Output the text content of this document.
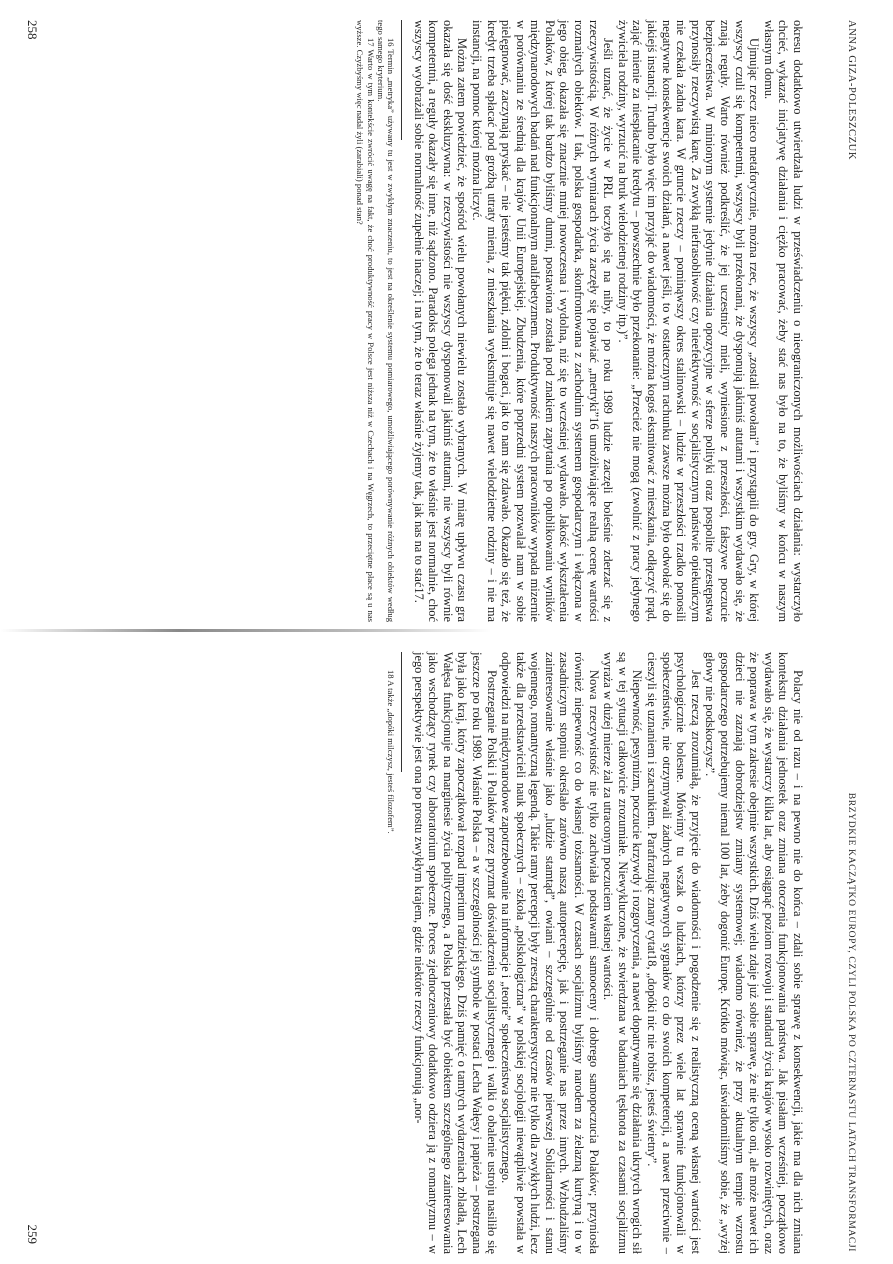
ANNA GIZA-POLESZCZUK

okresu dodatkowo utwierdzała ludzi w przeświadczeniu o nieograniczonych możliwościach działania: wystarczyło chcieć, wykazać inicjatywę działania i ciężko pracować, żeby stać nas było na to, że byliśmy w końcu w naszym własnym domu.

Ujmując rzecz nieco metaforycznie, można rzec, że wszyscy „zostali powołani” i przystąpili do gry. Gry, w której wszyscy czuli się kompetentni, wszyscy byli przekonani, że dysponują jakimiś atutami i wszystkim wydawało się, że znają reguły. Warto również podkreślić, że jej uczestnicy mieli, wyniesione z przeszłości, fałszywe poczucie bezpieczeństwa. W minionym systemie jedynie działania opozycyjne w sferze polityki oraz pospolite przestępstwa przynosiły rzeczywistą karę. Za zwykłą niefrasobliwość czy nieefektywność w socjalistycznym państwie opiekuńczym nie czekała żadna kara. W gruncie rzeczy – pominąwszy okres stalinowski – ludzie w przeszłości rzadko ponosili negatywne konsekwencje swoich działań, a nawet jeśli, to w ostatecznym rachunku zawsze można było odwołać się do jakiejś instancji. Trudno było więc im przyjąć do wiadomości, że można kogoś eksmitować z mieszkania, odłączyć prąd, zająć mienie za niespłacanie kredytu – powszechnie było przekonanie: „Przecież nie mogą (zwolnić z pracy jedynego żywiciela rodziny, wyrzucić na bruk wielodzietnej rodziny itp.)”.

Jeśli uznać, że życie w PRL toczyło się na niby, to po roku 1989 ludzie zaczęli boleśnie zderzać się z rzeczywistością. W różnych wymiarach życia zaczęły się pojawiać „metryki”16 umożliwiające realną ocenę wartości rozmaitych obiektów. I tak, polska gospodarka, skonfrontowana z zachodnim systemem gospodarczym i włączona w jego obieg, okazała się znacznie mniej nowoczesna i wydolna, niż się to wcześniej wydawało. Jakość wykształcenia Polaków, z której tak bardzo byliśmy dumni, postawiona została pod znakiem zapytania po opublikowaniu wyników międzynarodowych badań nad funkcjonalnym analfabetyzmem. Produktywność naszych pracowników wypada mizernie w porównaniu ze średnią dla krajów Unii Europejskiej. Zbudzenia, które poprzedni system pozwalał nam w sobie pielęgnować, zaczynają pryskać – nie jesteśmy tak piękni, zdolni i bogaci, jak to nam się zdawało. Okazało się też, że kredyt trzeba spłacać pod groźbą utraty mienia, z mieszkania wyeksmituje się nawet wielodzietne rodziny – i nie ma instancji, na pomoc której można liczyć.

Można zatem powiedzieć, że spośród wielu powołanych niewielu zostało wybranych. W miarę upływu czasu gra okazała się dość ekskluzywna: w rzeczywistości nie wszyscy dysponowali jakimiś atutami, nie wszyscy byli równie kompetentni, a reguły okazały się inne, niż sądzono. Paradoks polega jednak na tym, że to właśnie jest normalnie, choć wszyscy wyobrażali sobie normalność zupełnie inaczej; i na tym, że to teraz właśnie żyjemy tak, jak nas na to stać17.

16 Termin „metryka” używany tu jest w zwykłym znaczeniu, to jest na określenie systemu pomiarowego, umożliwiającego porównywanie różnych obiektów według tego samego kryterium.

17 Warto w tym kontekście zwrócić uwagę na fakt, że choć produktywność pracy w Polsce jest niższa niż w Czechach i na Węgrzech, to przeciętne płace są u nas wyższe. Czyżbyśmy więc nadal żyli (zarabiali) ponad stan?

258
BRZYDKIE KACZĄTKO EUROPY, CZYLI POLSKA PO CZTERNASTU LATACH TRANSFORMACJI

Polacy nie od razu – i na pewno nie do końca – zdali sobie sprawę z konsekwencji, jakie ma dla nich zmiana kontekstu działania jednostek oraz zmiana otoczenia funkcjonowania państwa. Jak pisałam wcześniej, początkowo wydawało się, że wystarczy kilka lat, aby osiągnąć poziom rozwoju i standard życia krajów wysoko rozwiniętych, oraz że poprawa w tym zakresie obejmie wszystkich. Dziś wielu zdaje już sobie sprawę, że nie tylko oni, ale może nawet ich dzieci nie zaznają dobrodziejstw zmiany systemowej; wiadomo również, że przy aktualnym tempie wzrostu gospodarczego potrzebujemy niemal 100 lat, żeby dogonić Europę. Krótko mówiąc, uświadomiliśmy sobie, że „wyżej głowy nie podskoczysz”.

Jest rzeczą zrozumiałą, że przyjęcie do wiadomości i pogodzenie się z realistyczną oceną własnej wartości jest psychologicznie bolesne. Mówimy tu wszak o ludziach, którzy przez wiele lat sprawnie funkcjonowali w społeczeństwie, nie otrzymywali żadnych negatywnych sygnałów co do swoich kompetencji, a nawet przeciwnie – cieszyli się uznaniem i szacunkiem. Parafrazując znany cytat18, „dopóki nic nie robisz, jesteś świetny”.

Niepewność, pesymizm, poczucie krzywdy i rozgoryczenia, a nawet dopatrywanie się działania ukrytych wrogich sił są w tej sytuacji całkowicie zrozumiałe. Niewykluczone, że stwierdzana w badaniach tęsknota za czasami socjalizmu wyraża w dużej mierze żal za utraconym poczuciem własnej wartości.

Nowa rzeczywistość nie tylko zachwiała podstawami samooceny i dobrego samopoczucia Polaków; przyniosła również niepewność co do własnej tożsamości. W czasach socjalizmu byliśmy narodem za żelazną kurtyną i to w zasadniczym stopniu określało zarówno naszą autopercepcję, jak i postrzeganie nas przez innych. Wzbudzaliśmy zainteresowanie właśnie jako „ludzie stamtąd”, owiani – szczególnie od czasów pierwszej Solidarności i stanu wojennego, romantyczną legendą. Takie ramy percepcji były zresztą charakterystyczne nie tylko dla zwykłych ludzi, lecz także dla przedstawicieli nauk społecznych – szkoła „polskologiczna” w polskiej socjologii niewątpliwie powstała w odpowiedzi na międzynarodowe zapotrzebowanie na informacje i „teorie” społeczeństwa socjalistycznego.

Postrzeganie Polski i Polaków przez pryzmat doświadczenia socjalistycznego i walki o obalenie ustroju nasiliło się jeszcze po roku 1989. Właśnie Polska – a w szczególności jej symbole w postaci Lecha Wałęsy i papieża – postrzegana była jako kraj, który zapoczątkował rozpad imperium radzieckiego. Dziś pamięć o tamtych wydarzeniach zbladła, Lech Wałęsa funkcjonuje na marginesie życia politycznego, a Polska przestała być obiektem szczególnego zainteresowania jako wschodzący rynek czy laboratorium społeczne. Proces zjednoczeniowy dodatkowo odziera ją z romantyzmu – w jego perspektywie jest ona po prostu zwykłym krajem, gdzie niektóre rzeczy funkcjonują „nor-

18 A także „dopóki milczysz, jesteś filozofem”.

259
